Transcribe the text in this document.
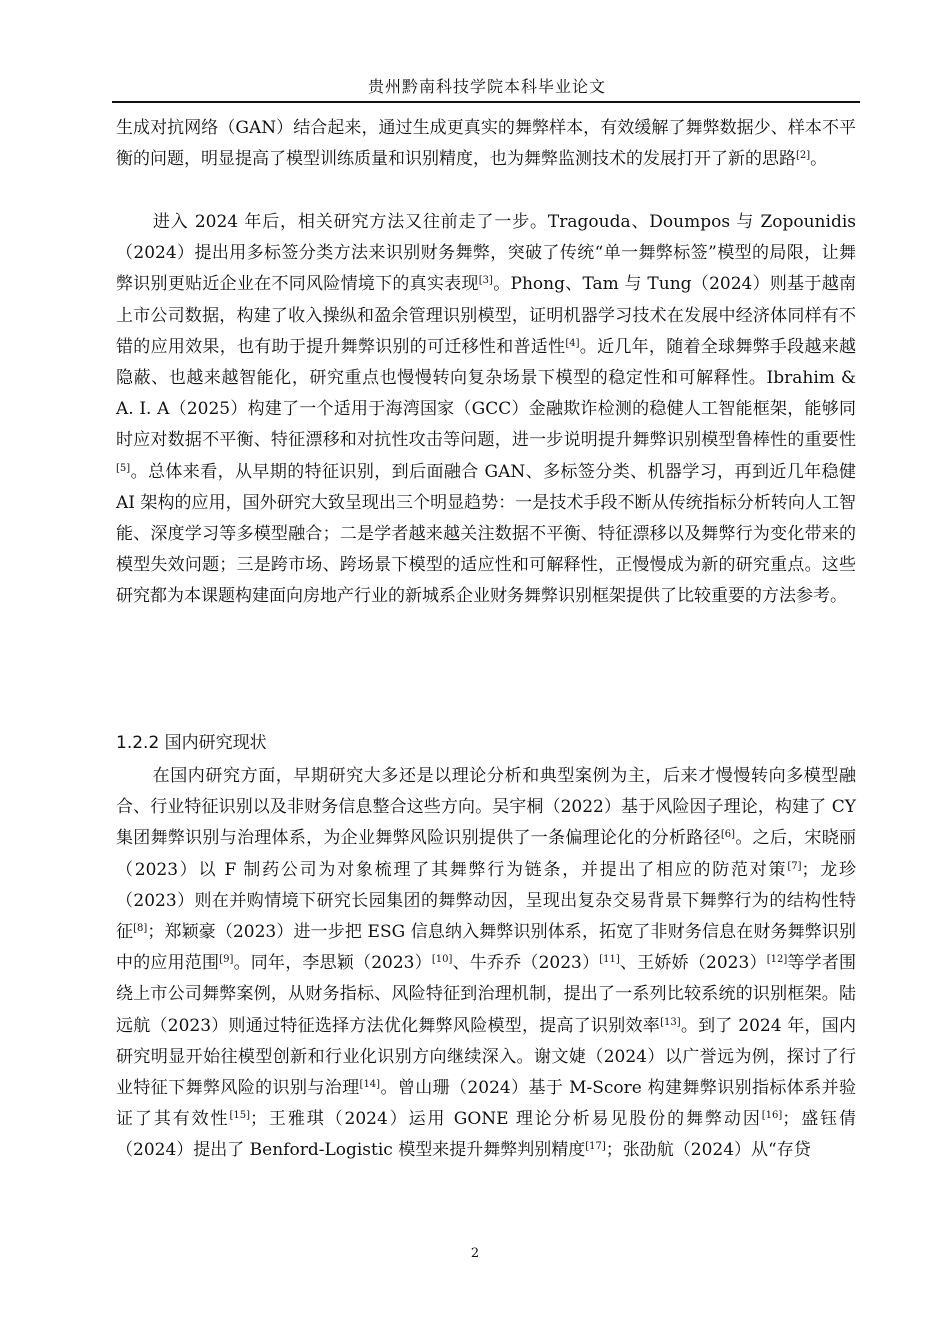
贵州黔南科技学院本科毕业论文

生成对抗网络（GAN）结合起来，通过生成更真实的舞弊样本，有效缓解了舞弊数据少、样本不平衡的问题，明显提高了模型训练质量和识别精度，也为舞弊监测技术的发展打开了新的思路[2]。

进入 2024 年后，相关研究方法又往前走了一步。Tragouda、Doumpos 与 Zopounidis（2024）提出用多标签分类方法来识别财务舞弊，突破了传统“单一舞弊标签”模型的局限，让舞弊识别更贴近企业在不同风险情境下的真实表现[3]。Phong、Tam 与 Tung（2024）则基于越南上市公司数据，构建了收入操纵和盈余管理识别模型，证明机器学习技术在发展中经济体同样有不错的应用效果，也有助于提升舞弊识别的可迁移性和普适性[4]。近几年，随着全球舞弊手段越来越隐蔽、也越来越智能化，研究重点也慢慢转向复杂场景下模型的稳定性和可解释性。Ibrahim & A. I. A（2025）构建了一个适用于海湾国家（GCC）金融欺诈检测的稳健人工智能框架，能够同时应对数据不平衡、特征漂移和对抗性攻击等问题，进一步说明提升舞弊识别模型鲁棒性的重要性[5]。总体来看，从早期的特征识别，到后面融合 GAN、多标签分类、机器学习，再到近几年稳健 AI 架构的应用，国外研究大致呈现出三个明显趋势：一是技术手段不断从传统指标分析转向人工智能、深度学习等多模型融合；二是学者越来越关注数据不平衡、特征漂移以及舞弊行为变化带来的模型失效问题；三是跨市场、跨场景下模型的适应性和可解释性，正慢慢成为新的研究重点。这些研究都为本课题构建面向房地产行业的新城系企业财务舞弊识别框架提供了比较重要的方法参考。

1.2.2 国内研究现状

在国内研究方面，早期研究大多还是以理论分析和典型案例为主，后来才慢慢转向多模型融合、行业特征识别以及非财务信息整合这些方向。吴宇桐（2022）基于风险因子理论，构建了 CY 集团舞弊识别与治理体系，为企业舞弊风险识别提供了一条偏理论化的分析路径[6]。之后，宋晓丽（2023）以 F 制药公司为对象梳理了其舞弊行为链条，并提出了相应的防范对策[7]；龙珍（2023）则在并购情境下研究长园集团的舞弊动因，呈现出复杂交易背景下舞弊行为的结构性特征[8]；郑颖豪（2023）进一步把 ESG 信息纳入舞弊识别体系，拓宽了非财务信息在财务舞弊识别中的应用范围[9]。同年，李思颖（2023）[10]、牛乔乔（2023）[11]、王娇娇（2023）[12]等学者围绕上市公司舞弊案例，从财务指标、风险特征到治理机制，提出了一系列比较系统的识别框架。陆远航（2023）则通过特征选择方法优化舞弊风险模型，提高了识别效率[13]。到了 2024 年，国内研究明显开始往模型创新和行业化识别方向继续深入。谢文婕（2024）以广誉远为例，探讨了行业特征下舞弊风险的识别与治理[14]。曾山珊（2024）基于 M-Score 构建舞弊识别指标体系并验证了其有效性[15]；王雅琪（2024）运用 GONE 理论分析易见股份的舞弊动因[16]；盛钰倩（2024）提出了 Benford-Logistic 模型来提升舞弊判别精度[17]；张劭航（2024）从“存贷

2
